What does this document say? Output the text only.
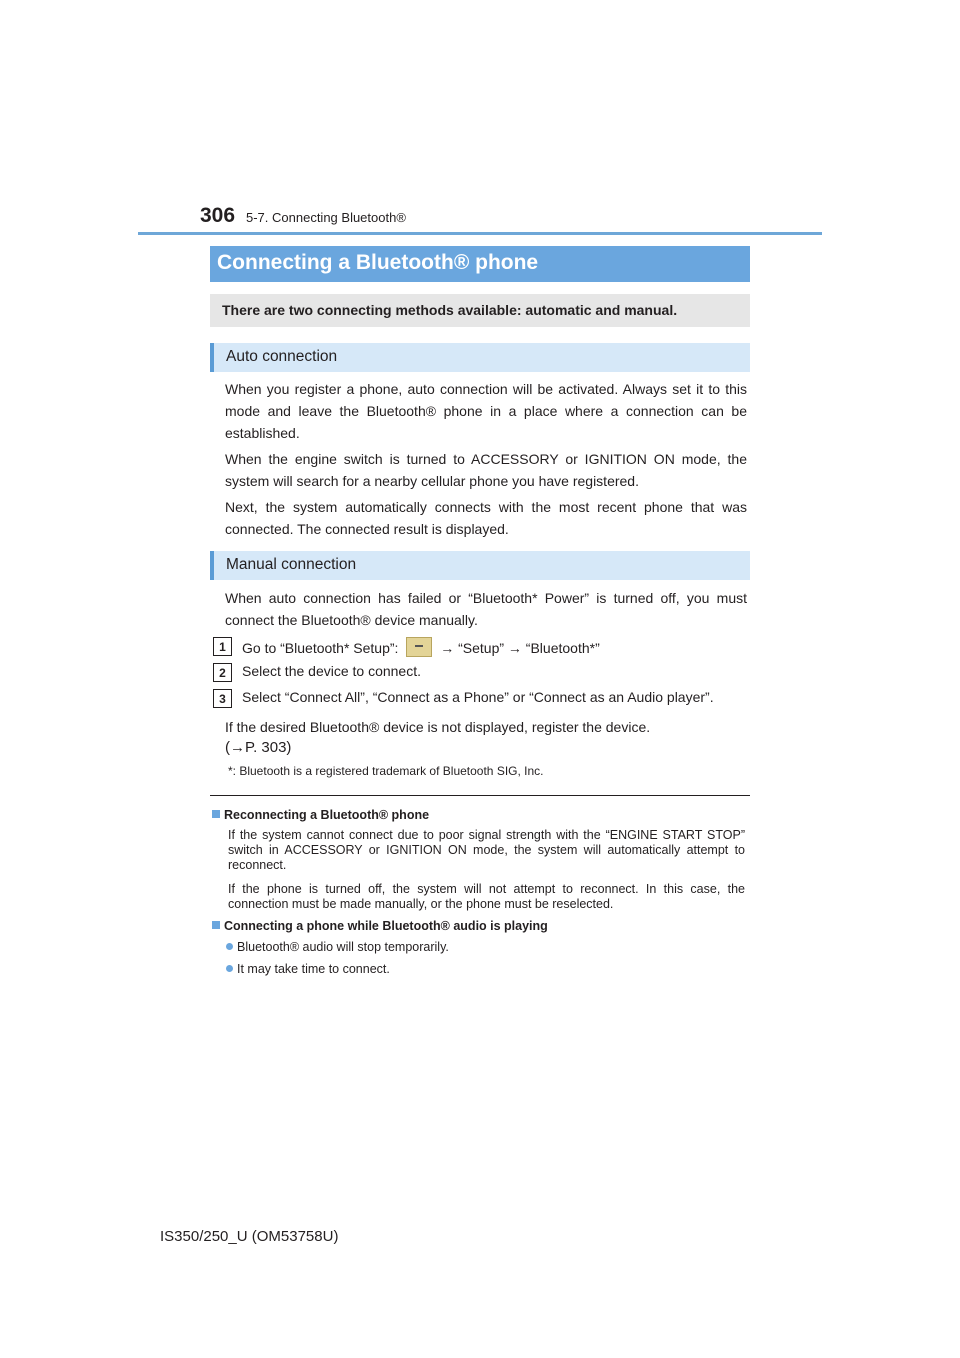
306 5-7. Connecting Bluetooth®
Connecting a Bluetooth® phone
There are two connecting methods available: automatic and manual.
Auto connection
When you register a phone, auto connection will be activated. Always set it to this mode and leave the Bluetooth® phone in a place where a connection can be established.
When the engine switch is turned to ACCESSORY or IGNITION ON mode, the system will search for a nearby cellular phone you have registered.
Next, the system automatically connects with the most recent phone that was connected. The connected result is displayed.
Manual connection
When auto connection has failed or “Bluetooth* Power” is turned off, you must connect the Bluetooth® device manually.
1	Go to “Bluetooth* Setup”:	→ “Setup” → “Bluetooth*”
2	Select the device to connect.
3	Select “Connect All”, “Connect as a Phone” or “Connect as an Audio player”.
If the desired Bluetooth® device is not displayed, register the device.
(→P. 303)
*: Bluetooth is a registered trademark of Bluetooth SIG, Inc.
Reconnecting a Bluetooth® phone
If the system cannot connect due to poor signal strength with the “ENGINE START STOP” switch in ACCESSORY or IGNITION ON mode, the system will automatically attempt to reconnect.
If the phone is turned off, the system will not attempt to reconnect. In this case, the connection must be made manually, or the phone must be reselected.
Connecting a phone while Bluetooth® audio is playing
Bluetooth® audio will stop temporarily.
It may take time to connect.
IS350/250_U (OM53758U)
